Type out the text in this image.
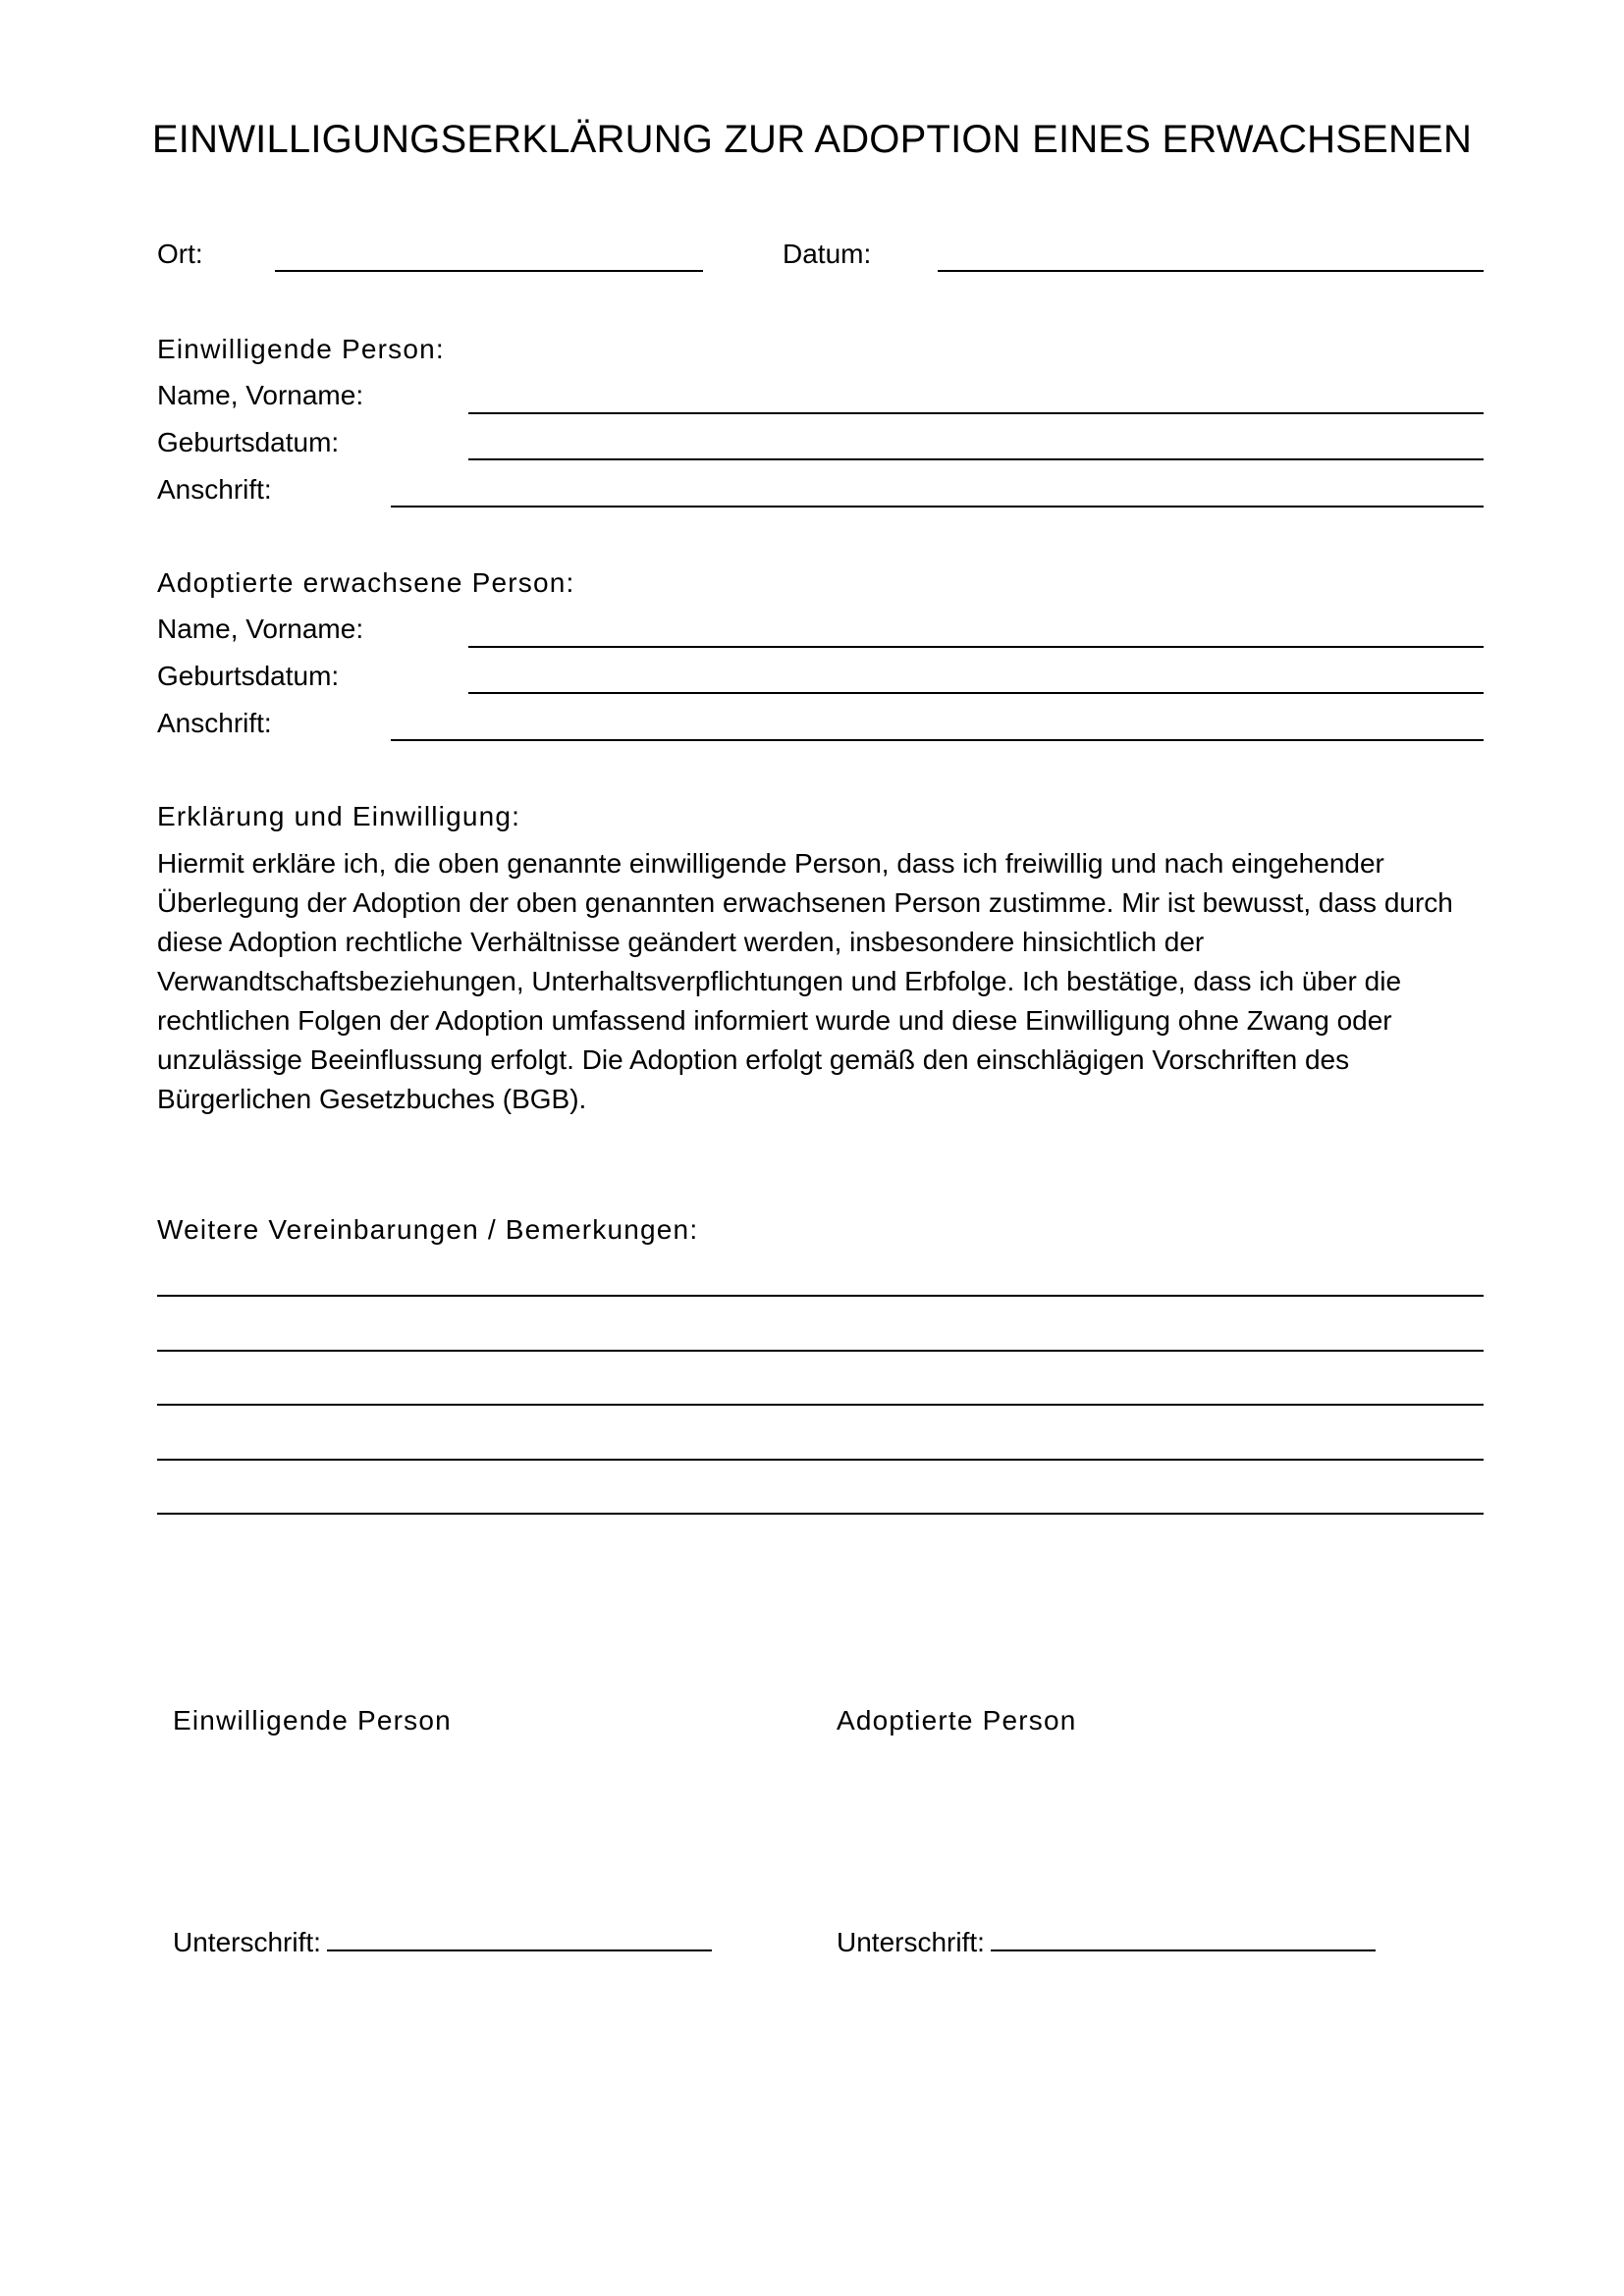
EINWILLIGUNGSERKLÄRUNG ZUR ADOPTION EINES ERWACHSENEN
Ort:	Datum:
Einwilligende Person:
Name, Vorname:
Geburtsdatum:
Anschrift:
Adoptierte erwachsene Person:
Name, Vorname:
Geburtsdatum:
Anschrift:
Erklärung und Einwilligung:

Hiermit erkläre ich, die oben genannte einwilligende Person, dass ich freiwillig und nach eingehender

Überlegung der Adoption der oben genannten erwachsenen Person zustimme. Mir ist bewusst, dass durch

diese Adoption rechtliche Verhältnisse geändert werden, insbesondere hinsichtlich der

Verwandtschaftsbeziehungen, Unterhaltsverpflichtungen und Erbfolge. Ich bestätige, dass ich über die

rechtlichen Folgen der Adoption umfassend informiert wurde und diese Einwilligung ohne Zwang oder

unzulässige Beeinflussung erfolgt. Die Adoption erfolgt gemäß den einschlägigen Vorschriften des

Bürgerlichen Gesetzbuches (BGB).

Weitere Vereinbarungen / Bemerkungen:
Einwilligende Person	Adoptierte Person
Unterschrift:	Unterschrift:
